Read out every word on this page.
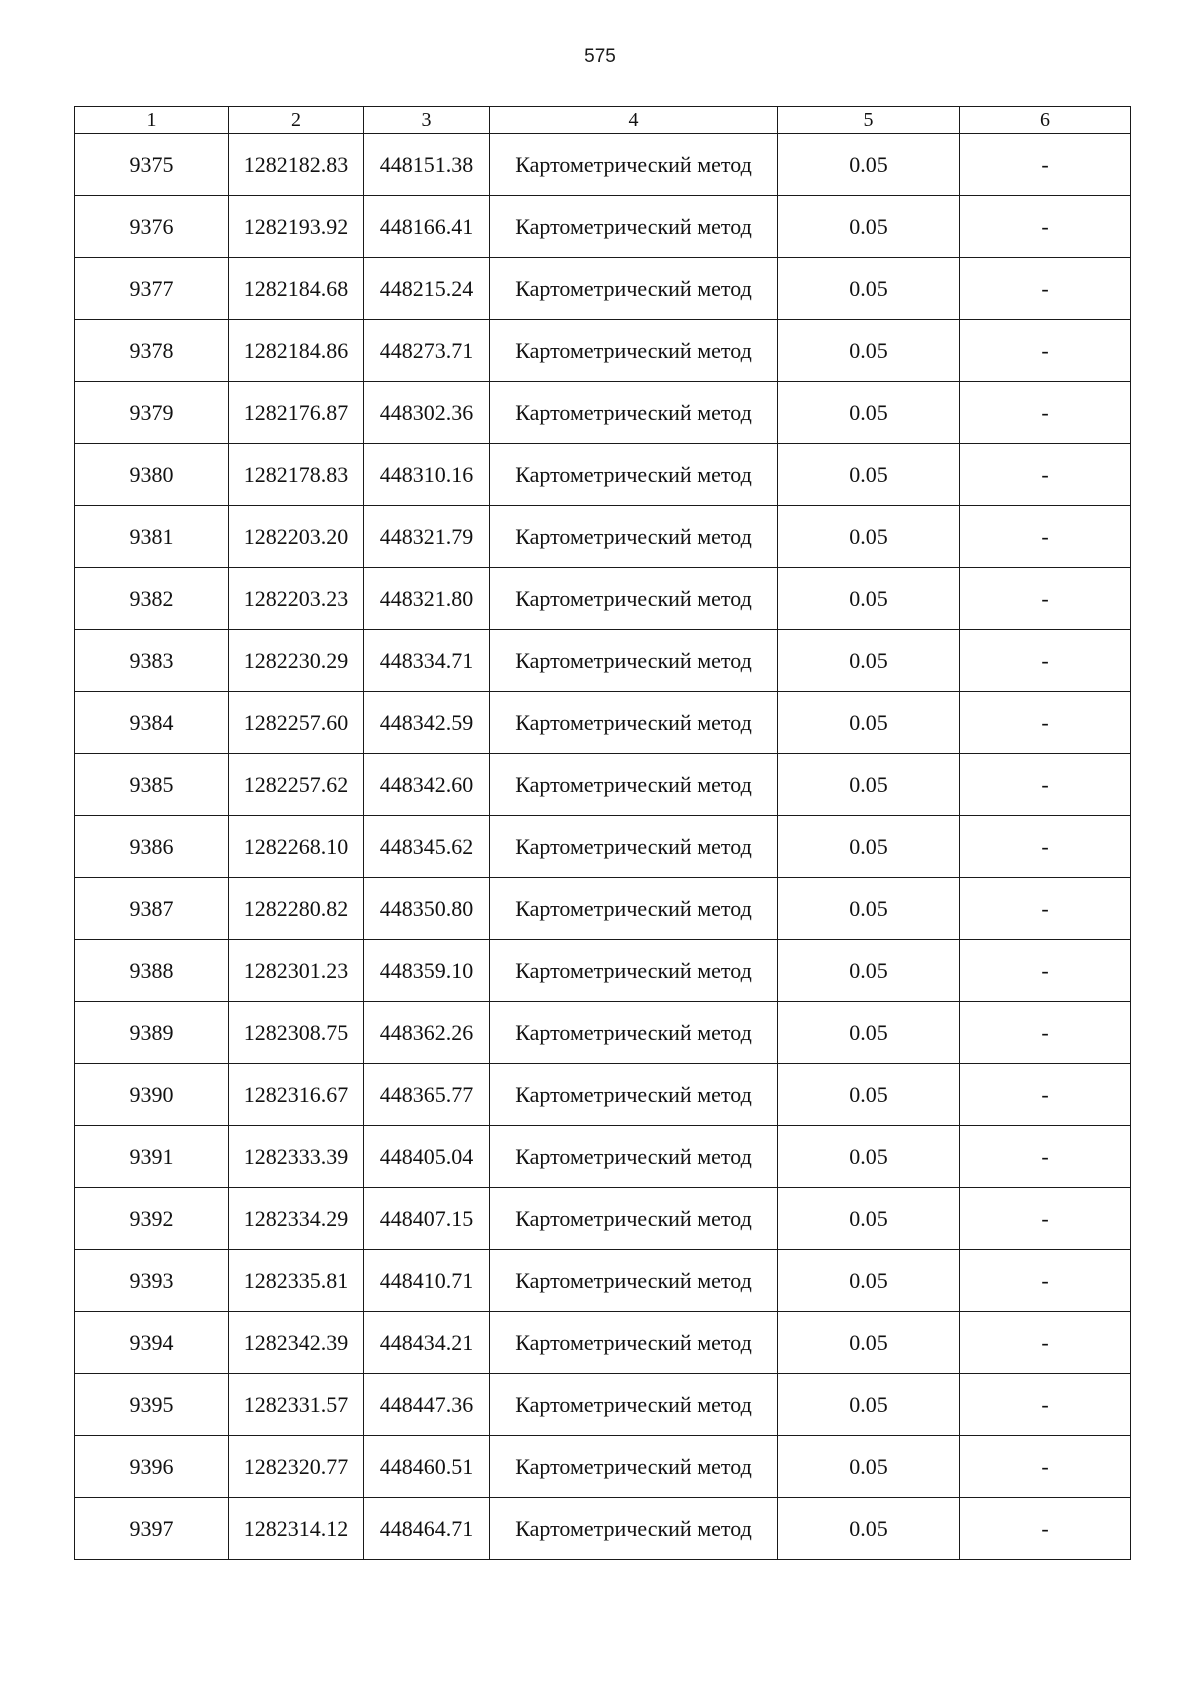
575
1	2	3	4	5	6
9375	1282182.83	448151.38	Картометрический метод	0.05	-
9376	1282193.92	448166.41	Картометрический метод	0.05	-
9377	1282184.68	448215.24	Картометрический метод	0.05	-
9378	1282184.86	448273.71	Картометрический метод	0.05	-
9379	1282176.87	448302.36	Картометрический метод	0.05	-
9380	1282178.83	448310.16	Картометрический метод	0.05	-
9381	1282203.20	448321.79	Картометрический метод	0.05	-
9382	1282203.23	448321.80	Картометрический метод	0.05	-
9383	1282230.29	448334.71	Картометрический метод	0.05	-
9384	1282257.60	448342.59	Картометрический метод	0.05	-
9385	1282257.62	448342.60	Картометрический метод	0.05	-
9386	1282268.10	448345.62	Картометрический метод	0.05	-
9387	1282280.82	448350.80	Картометрический метод	0.05	-
9388	1282301.23	448359.10	Картометрический метод	0.05	-
9389	1282308.75	448362.26	Картометрический метод	0.05	-
9390	1282316.67	448365.77	Картометрический метод	0.05	-
9391	1282333.39	448405.04	Картометрический метод	0.05	-
9392	1282334.29	448407.15	Картометрический метод	0.05	-
9393	1282335.81	448410.71	Картометрический метод	0.05	-
9394	1282342.39	448434.21	Картометрический метод	0.05	-
9395	1282331.57	448447.36	Картометрический метод	0.05	-
9396	1282320.77	448460.51	Картометрический метод	0.05	-
9397	1282314.12	448464.71	Картометрический метод	0.05	-
